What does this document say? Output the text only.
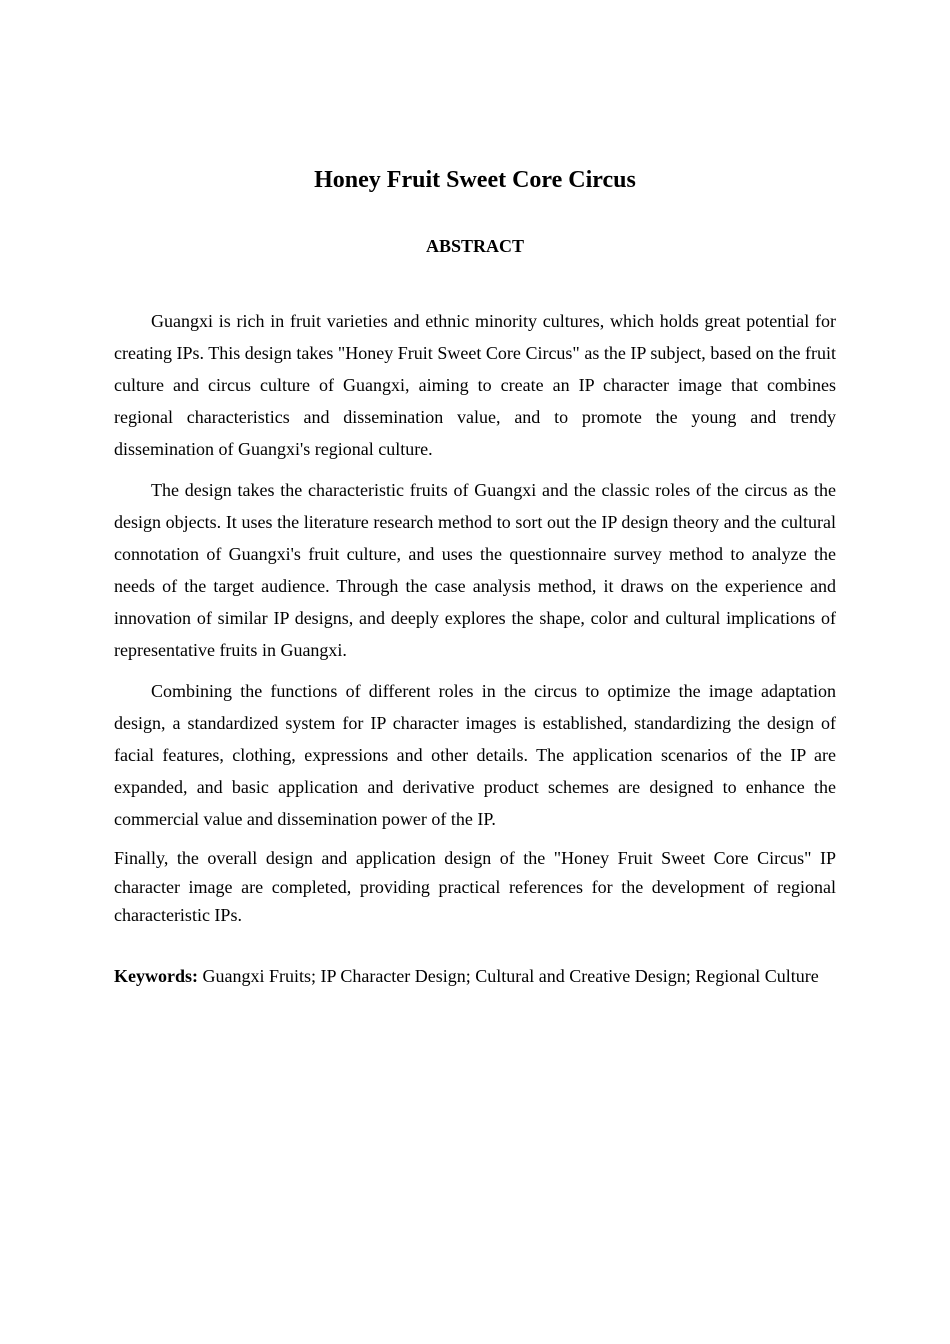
Honey Fruit Sweet Core Circus
ABSTRACT

Guangxi is rich in fruit varieties and ethnic minority cultures, which holds great potential for creating IPs. This design takes "Honey Fruit Sweet Core Circus" as the IP subject, based on the fruit culture and circus culture of Guangxi, aiming to create an IP character image that combines regional characteristics and dissemination value, and to promote the young and trendy dissemination of Guangxi's regional culture.

The design takes the characteristic fruits of Guangxi and the classic roles of the circus as the design objects. It uses the literature research method to sort out the IP design theory and the cultural connotation of Guangxi's fruit culture, and uses the questionnaire survey method to analyze the needs of the target audience. Through the case analysis method, it draws on the experience and innovation of similar IP designs, and deeply explores the shape, color and cultural implications of representative fruits in Guangxi.

Combining the functions of different roles in the circus to optimize the image adaptation design, a standardized system for IP character images is established, standardizing the design of facial features, clothing, expressions and other details. The application scenarios of the IP are expanded, and basic application and derivative product schemes are designed to enhance the commercial value and dissemination power of the IP.

Finally, the overall design and application design of the "Honey Fruit Sweet Core Circus" IP character image are completed, providing practical references for the development of regional characteristic IPs.

Keywords: Guangxi Fruits; IP Character Design; Cultural and Creative Design; Regional Culture
